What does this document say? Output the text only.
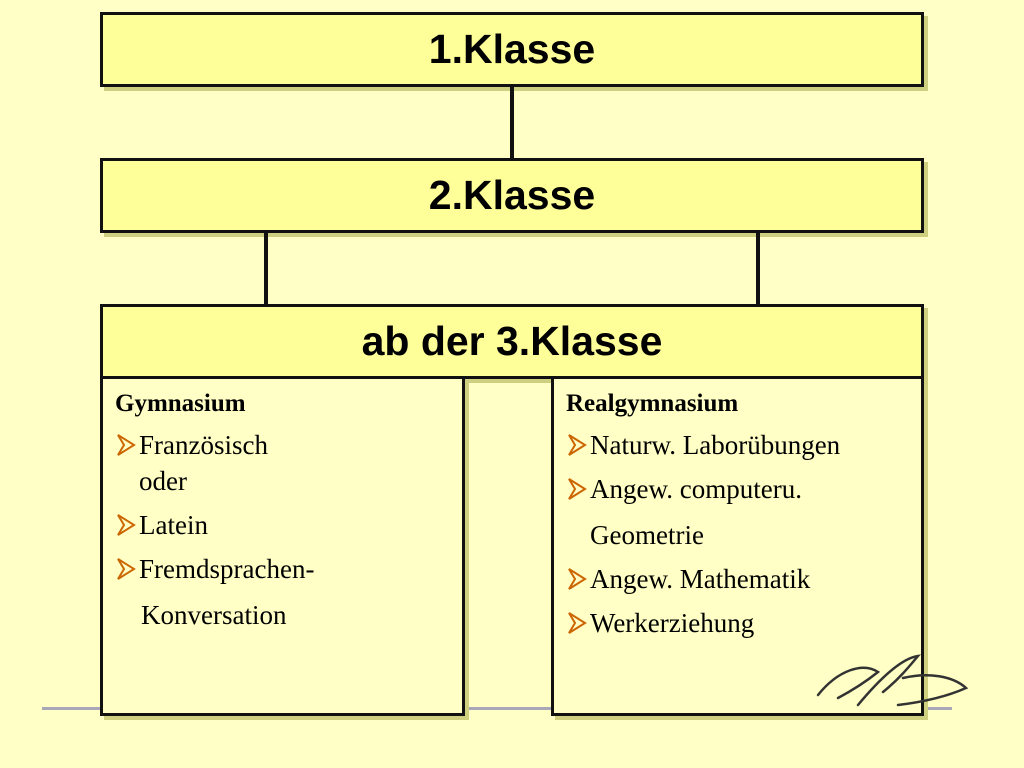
1.Klasse
2.Klasse
ab der 3.Klasse
Gymnasium
Französisch
oder
Latein
Fremdsprachen-
Konversation
Realgymnasium
Naturw. Laborübungen
Angew. computeru.
Geometrie
Angew. Mathematik
Werkerziehung
